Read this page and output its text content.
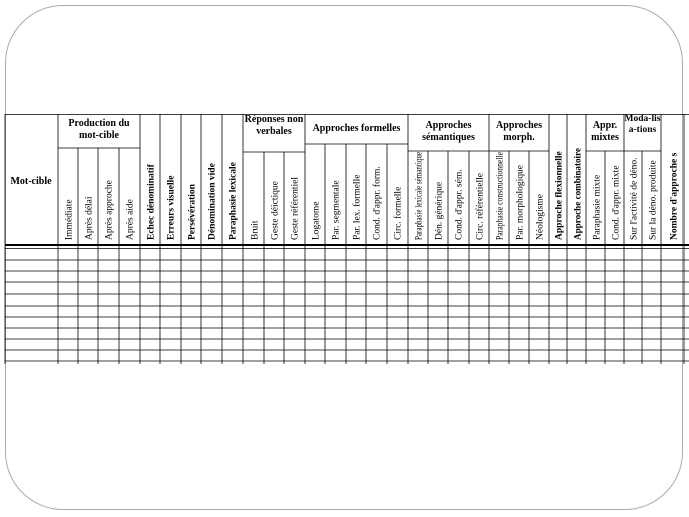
Mot-cible
Production du mot-cible
Réponses non verbales	Approches formelles	Approches sémantiques
Approches morph.
Appr. mixtes
Moda-lisa-tions
Immédiate Après délai Après approche Après aide Echec dénominatif Erreurs visuelle Persévération Dénomination vide Paraphasie lexicale Bruit Geste déictique Geste référentiel Logatome Par. segmentale Par. lex. formelle Cond. d'appr. form. Circ. formelle Paraphasie lexicale sémantique Dén. générique Cond. d'appr. sém. Circ. référentielle Paraphasie constructionnelle Par. morphologique Néologisme Approche flexionnelle Approche combinatoire Paraphasie mixte Cond. d'appr. mixte Sur l'activité de déno. Sur la déno. produite Nombre d'approche s
